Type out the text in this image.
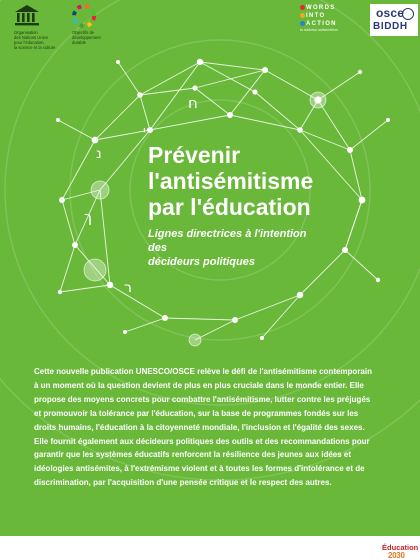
Organisation
des Nations Unies
pour l'éducation,
la science et la culture
Objectifs de
développement
durable
WORDS
INTO
ACTION
to address antisemitism
osce
BIDDH
ח
י
נ
ך
ר
Prévenir
l'antisémitisme
par l'éducation
Lignes directrices à l'intention des
décideurs politiques

Cette nouvelle publication UNESCO/OSCE relève le défi de l'antisémitisme contemporain

à un moment où la question devient de plus en plus cruciale dans le monde entier. Elle

propose des moyens concrets pour combattre l'antisémitisme, lutter contre les préjugés

et promouvoir la tolérance par l'éducation, sur la base de programmes fondés sur les

droits humains, l'éducation à la citoyenneté mondiale, l'inclusion et l'égalité des sexes.

Elle fournit également aux décideurs politiques des outils et des recommandations pour

garantir que les systèmes éducatifs renforcent la résilience des jeunes aux idées et

idéologies antisémites, à l'extrémisme violent et à toutes les formes d'intolérance et de

discrimination, par l'acquisition d'une pensée critique et le respect des autres.

Éducation
2030
